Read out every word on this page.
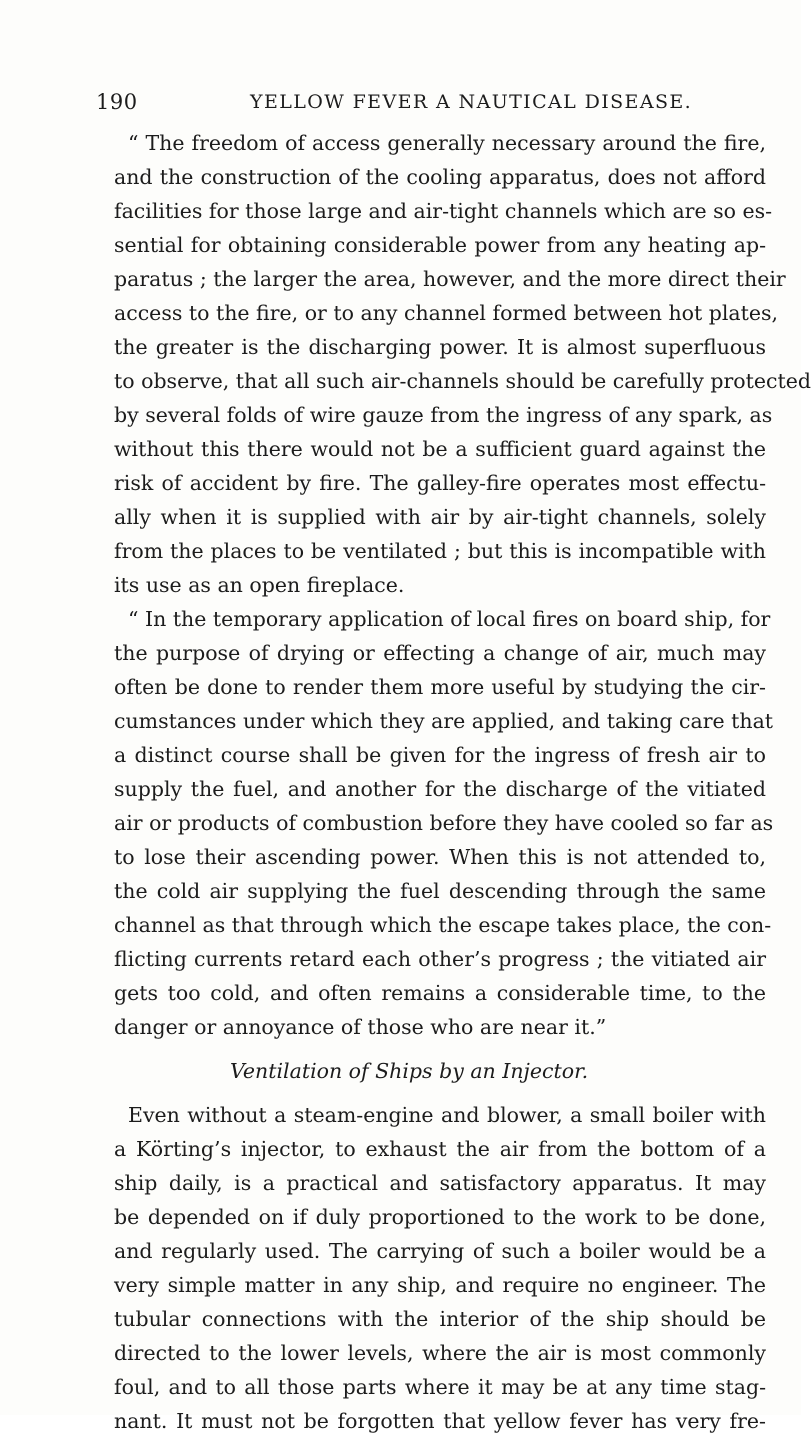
190	YELLOW FEVER A NAUTICAL DISEASE.
“ The freedom of access generally necessary around the fire,
and the construction of the cooling apparatus, does not afford
facilities for those large and air-tight channels which are so es-
sential for obtaining considerable power from any heating ap-
paratus ; the larger the area, however, and the more direct their
access to the fire, or to any channel formed between hot plates,
the greater is the discharging power. It is almost superfluous
to observe, that all such air-channels should be carefully protected
by several folds of wire gauze from the ingress of any spark, as
without this there would not be a sufficient guard against the
risk of accident by fire. The galley-fire operates most effectu-
ally when it is supplied with air by air-tight channels, solely
from the places to be ventilated ; but this is incompatible with
its use as an open fireplace.
“ In the temporary application of local fires on board ship, for
the purpose of drying or effecting a change of air, much may
often be done to render them more useful by studying the cir-
cumstances under which they are applied, and taking care that
a distinct course shall be given for the ingress of fresh air to
supply the fuel, and another for the discharge of the vitiated
air or products of combustion before they have cooled so far as
to lose their ascending power. When this is not attended to,
the cold air supplying the fuel descending through the same
channel as that through which the escape takes place, the con-
flicting currents retard each other’s progress ; the vitiated air
gets too cold, and often remains a considerable time, to the
danger or annoyance of those who are near it.”
Ventilation of Ships by an Injector.
Even without a steam-engine and blower, a small boiler with
a Körting’s injector, to exhaust the air from the bottom of a
ship daily, is a practical and satisfactory apparatus. It may
be depended on if duly proportioned to the work to be done,
and regularly used. The carrying of such a boiler would be a
very simple matter in any ship, and require no engineer. The
tubular connections with the interior of the ship should be
directed to the lower levels, where the air is most commonly
foul, and to all those parts where it may be at any time stag-
nant. It must not be forgotten that yellow fever has very fre-
